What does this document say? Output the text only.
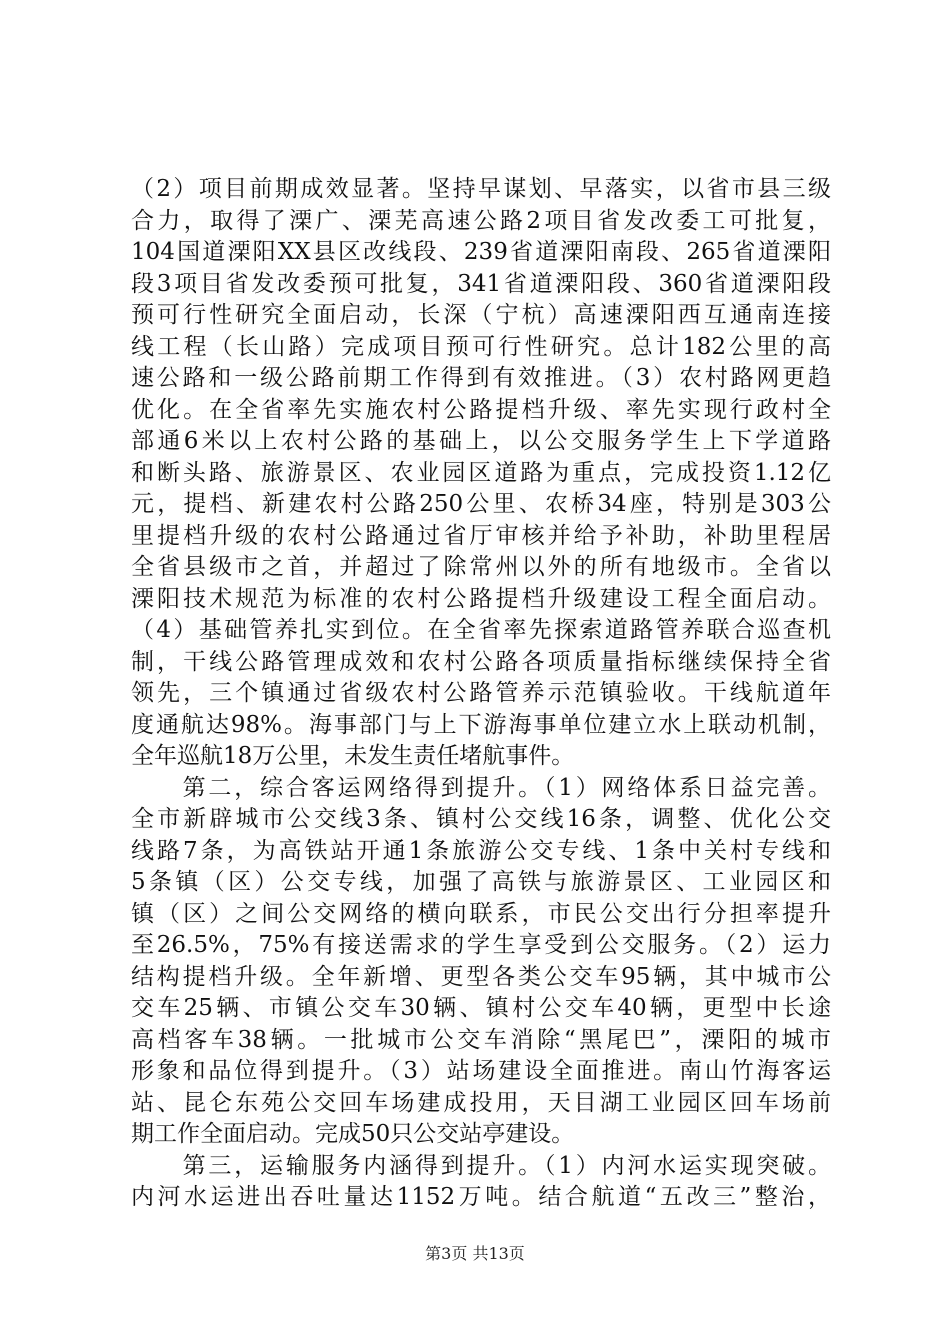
（2）项目前期成效显著。坚持早谋划、早落实，以省市县三级
合力，取得了溧广、溧芜高速公路2项目省发改委工可批复，
104国道溧阳XX县区改线段、239省道溧阳南段、265省道溧阳
段3项目省发改委预可批复，341省道溧阳段、360省道溧阳段
预可行性研究全面启动，长深（宁杭）高速溧阳西互通南连接
线工程（长山路）完成项目预可行性研究。总计182公里的高
速公路和一级公路前期工作得到有效推进。（3）农村路网更趋
优化。在全省率先实施农村公路提档升级、率先实现行政村全
部通6米以上农村公路的基础上，以公交服务学生上下学道路
和断头路、旅游景区、农业园区道路为重点，完成投资1.12亿
元，提档、新建农村公路250公里、农桥34座，特别是303公
里提档升级的农村公路通过省厅审核并给予补助，补助里程居
全省县级市之首，并超过了除常州以外的所有地级市。全省以
溧阳技术规范为标准的农村公路提档升级建设工程全面启动。
（4）基础管养扎实到位。在全省率先探索道路管养联合巡查机
制，干线公路管理成效和农村公路各项质量指标继续保持全省
领先，三个镇通过省级农村公路管养示范镇验收。干线航道年
度通航达98%。海事部门与上下游海事单位建立水上联动机制，
全年巡航18万公里，未发生责任堵航事件。
　　第二，综合客运网络得到提升。（1）网络体系日益完善。
全市新辟城市公交线3条、镇村公交线16条，调整、优化公交
线路7条，为高铁站开通1条旅游公交专线、1条中关村专线和
5条镇（区）公交专线，加强了高铁与旅游景区、工业园区和
镇（区）之间公交网络的横向联系，市民公交出行分担率提升
至26.5%，75%有接送需求的学生享受到公交服务。（2）运力
结构提档升级。全年新增、更型各类公交车95辆，其中城市公
交车25辆、市镇公交车30辆、镇村公交车40辆，更型中长途
高档客车38辆。一批城市公交车消除“黑尾巴”，溧阳的城市
形象和品位得到提升。（3）站场建设全面推进。南山竹海客运
站、昆仑东苑公交回车场建成投用，天目湖工业园区回车场前
期工作全面启动。完成50只公交站亭建设。
　　第三，运输服务内涵得到提升。（1）内河水运实现突破。
内河水运进出吞吐量达1152万吨。结合航道“五改三”整治，
第3页 共13页
